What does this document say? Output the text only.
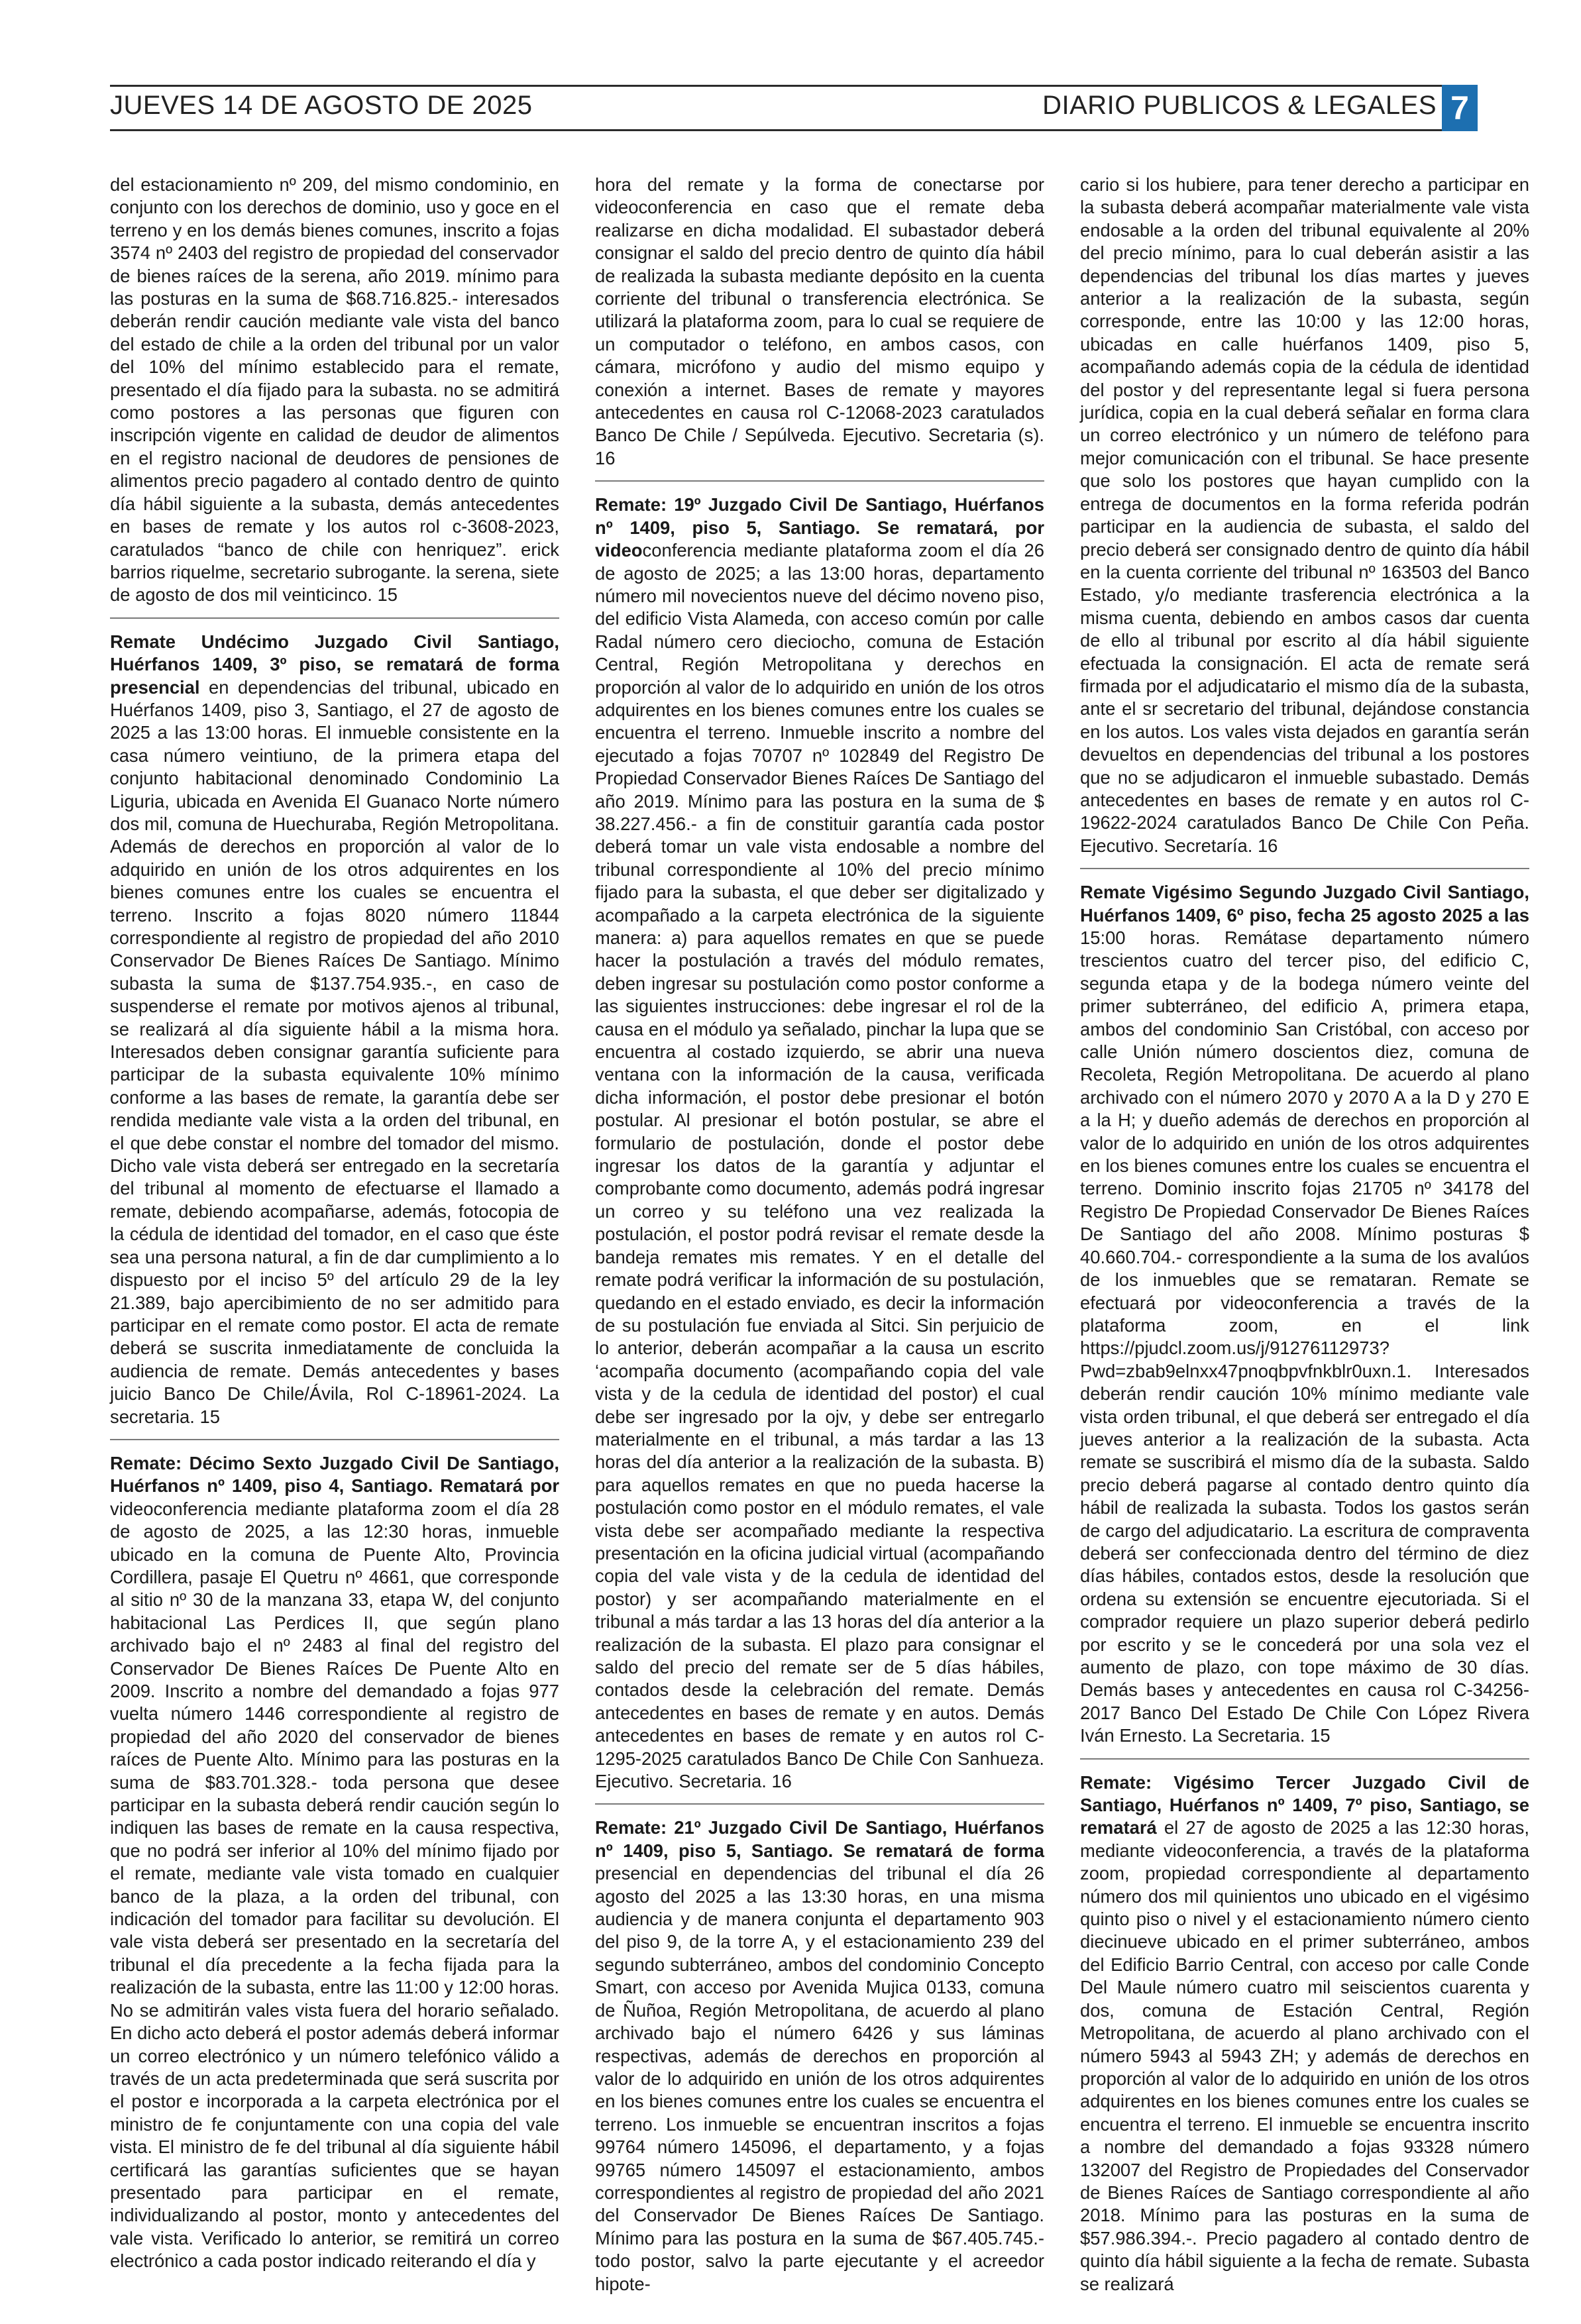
JUEVES 14 DE AGOSTO DE 2025	DIARIO PUBLICOS & LEGALES 7

del estacionamiento nº 209, del mismo condominio, en conjunto con los derechos de dominio, uso y goce en el terreno y en los demás bienes comunes, inscrito a fojas 3574 nº 2403 del registro de propiedad del conservador de bienes raíces de la serena, año 2019. mínimo para las posturas en la suma de $68.716.825.- interesados deberán rendir caución mediante vale vista del banco del estado de chile a la orden del tribunal por un valor del 10% del mínimo establecido para el remate, presentado el día fijado para la subasta. no se admitirá como postores a las personas que figuren con inscripción vigente en calidad de deudor de alimentos en el registro nacional de deudores de pensiones de alimentos precio pagadero al contado dentro de quinto día hábil siguiente a la subasta, demás antecedentes en bases de remate y los autos rol c-3608-2023, caratulados “banco de chile con henriquez”. erick barrios riquelme, secretario subrogante. la serena, siete de agosto de dos mil veinticinco. 15

Remate Undécimo Juzgado Civil Santiago, Huérfanos 1409, 3º piso, se rematará de forma presencial en dependencias del tribunal, ubicado en Huérfanos 1409, piso 3, Santiago, el 27 de agosto de 2025 a las 13:00 horas. El inmueble consistente en la casa número veintiuno, de la primera etapa del conjunto habitacional denominado Condominio La Liguria, ubicada en Avenida El Guanaco Norte número dos mil, comuna de Huechuraba, Región Metropolitana. Además de derechos en proporción al valor de lo adquirido en unión de los otros adquirentes en los bienes comunes entre los cuales se encuentra el terreno. Inscrito a fojas 8020 número 11844 correspondiente al registro de propiedad del año 2010 Conservador De Bienes Raíces De Santiago. Mínimo subasta la suma de $137.754.935.-, en caso de suspenderse el remate por motivos ajenos al tribunal, se realizará al día siguiente hábil a la misma hora. Interesados deben consignar garantía suficiente para participar de la subasta equivalente 10% mínimo conforme a las bases de remate, la garantía debe ser rendida mediante vale vista a la orden del tribunal, en el que debe constar el nombre del tomador del mismo. Dicho vale vista deberá ser entregado en la secretaría del tribunal al momento de efectuarse el llamado a remate, debiendo acompañarse, además, fotocopia de la cédula de identidad del tomador, en el caso que éste sea una persona natural, a fin de dar cumplimiento a lo dispuesto por el inciso 5º del artículo 29 de la ley 21.389, bajo apercibimiento de no ser admitido para participar en el remate como postor. El acta de remate deberá se suscrita inmediatamente de concluida la audiencia de remate. Demás antecedentes y bases juicio Banco De Chile/Ávila, Rol C-18961-2024. La secretaria. 15

Remate: Décimo Sexto Juzgado Civil De Santiago, Huérfanos nº 1409, piso 4, Santiago. Rematará por videoconferencia mediante plataforma zoom el día 28 de agosto de 2025, a las 12:30 horas, inmueble ubicado en la comuna de Puente Alto, Provincia Cordillera, pasaje El Quetru nº 4661, que corresponde al sitio nº 30 de la manzana 33, etapa W, del conjunto habitacional Las Perdices II, que según plano archivado bajo el nº 2483 al final del registro del Conservador De Bienes Raíces De Puente Alto en 2009. Inscrito a nombre del demandado a fojas 977 vuelta número 1446 correspondiente al registro de propiedad del año 2020 del conservador de bienes raíces de Puente Alto. Mínimo para las posturas en la suma de $83.701.328.- toda persona que desee participar en la subasta deberá rendir caución según lo indiquen las bases de remate en la causa respectiva, que no podrá ser inferior al 10% del mínimo fijado por el remate, mediante vale vista tomado en cualquier banco de la plaza, a la orden del tribunal, con indicación del tomador para facilitar su devolución. El vale vista deberá ser presentado en la secretaría del tribunal el día precedente a la fecha fijada para la realización de la subasta, entre las 11:00 y 12:00 horas. No se admitirán vales vista fuera del horario señalado. En dicho acto deberá el postor además deberá informar un correo electrónico y un número telefónico válido a través de un acta predeterminada que será suscrita por el postor e incorporada a la carpeta electrónica por el ministro de fe conjuntamente con una copia del vale vista. El ministro de fe del tribunal al día siguiente hábil certificará las garantías suficientes que se hayan presentado para participar en el remate, individualizando al postor, monto y antecedentes del vale vista. Verificado lo anterior, se remitirá un correo electrónico a cada postor indicado reiterando el día y

hora del remate y la forma de conectarse por videoconferencia en caso que el remate deba realizarse en dicha modalidad. El subastador deberá consignar el saldo del precio dentro de quinto día hábil de realizada la subasta mediante depósito en la cuenta corriente del tribunal o transferencia electrónica. Se utilizará la plataforma zoom, para lo cual se requiere de un computador o teléfono, en ambos casos, con cámara, micrófono y audio del mismo equipo y conexión a internet. Bases de remate y mayores antecedentes en causa rol C-12068-2023 caratulados Banco De Chile / Sepúlveda. Ejecutivo. Secretaria (s). 16

Remate: 19º Juzgado Civil De Santiago, Huérfanos nº 1409, piso 5, Santiago. Se rematará, por videoconferencia mediante plataforma zoom el día 26 de agosto de 2025; a las 13:00 horas, departamento número mil novecientos nueve del décimo noveno piso, del edificio Vista Alameda, con acceso común por calle Radal número cero dieciocho, comuna de Estación Central, Región Metropolitana y derechos en proporción al valor de lo adquirido en unión de los otros adquirentes en los bienes comunes entre los cuales se encuentra el terreno. Inmueble inscrito a nombre del ejecutado a fojas 70707 nº 102849 del Registro De Propiedad Conservador Bienes Raíces De Santiago del año 2019. Mínimo para las postura en la suma de $ 38.227.456.- a fin de constituir garantía cada postor deberá tomar un vale vista endosable a nombre del tribunal correspondiente al 10% del precio mínimo fijado para la subasta, el que deber ser digitalizado y acompañado a la carpeta electrónica de la siguiente manera: a) para aquellos remates en que se puede hacer la postulación a través del módulo remates, deben ingresar su postulación como postor conforme a las siguientes instrucciones: debe ingresar el rol de la causa en el módulo ya señalado, pinchar la lupa que se encuentra al costado izquierdo, se abrir una nueva ventana con la información de la causa, verificada dicha información, el postor debe presionar el botón postular. Al presionar el botón postular, se abre el formulario de postulación, donde el postor debe ingresar los datos de la garantía y adjuntar el comprobante como documento, además podrá ingresar un correo y su teléfono una vez realizada la postulación, el postor podrá revisar el remate desde la bandeja remates mis remates. Y en el detalle del remate podrá verificar la información de su postulación, quedando en el estado enviado, es decir la información de su postulación fue enviada al Sitci. Sin perjuicio de lo anterior, deberán acompañar a la causa un escrito ‘acompaña documento (acompañando copia del vale vista y de la cedula de identidad del postor) el cual debe ser ingresado por la ojv, y debe ser entregarlo materialmente en el tribunal, a más tardar a las 13 horas del día anterior a la realización de la subasta. B) para aquellos remates en que no pueda hacerse la postulación como postor en el módulo remates, el vale vista debe ser acompañado mediante la respectiva presentación en la oficina judicial virtual (acompañando copia del vale vista y de la cedula de identidad del postor) y ser acompañando materialmente en el tribunal a más tardar a las 13 horas del día anterior a la realización de la subasta. El plazo para consignar el saldo del precio del remate ser de 5 días hábiles, contados desde la celebración del remate. Demás antecedentes en bases de remate y en autos. Demás antecedentes en bases de remate y en autos rol C-1295-2025 caratulados Banco De Chile Con Sanhueza. Ejecutivo. Secretaria. 16

Remate: 21º Juzgado Civil De Santiago, Huérfanos nº 1409, piso 5, Santiago. Se rematará de forma presencial en dependencias del tribunal el día 26 agosto del 2025 a las 13:30 horas, en una misma audiencia y de manera conjunta el departamento 903 del piso 9, de la torre A, y el estacionamiento 239 del segundo subterráneo, ambos del condominio Concepto Smart, con acceso por Avenida Mujica 0133, comuna de Ñuñoa, Región Metropolitana, de acuerdo al plano archivado bajo el número 6426 y sus láminas respectivas, además de derechos en proporción al valor de lo adquirido en unión de los otros adquirentes en los bienes comunes entre los cuales se encuentra el terreno. Los inmueble se encuentran inscritos a fojas 99764 número 145096, el departamento, y a fojas 99765 número 145097 el estacionamiento, ambos correspondientes al registro de propiedad del año 2021 del Conservador De Bienes Raíces De Santiago. Mínimo para las postura en la suma de $67.405.745.- todo postor, salvo la parte ejecutante y el acreedor hipote-

cario si los hubiere, para tener derecho a participar en la subasta deberá acompañar materialmente vale vista endosable a la orden del tribunal equivalente al 20% del precio mínimo, para lo cual deberán asistir a las dependencias del tribunal los días martes y jueves anterior a la realización de la subasta, según corresponde, entre las 10:00 y las 12:00 horas, ubicadas en calle huérfanos 1409, piso 5, acompañando además copia de la cédula de identidad del postor y del representante legal si fuera persona jurídica, copia en la cual deberá señalar en forma clara un correo electrónico y un número de teléfono para mejor comunicación con el tribunal. Se hace presente que solo los postores que hayan cumplido con la entrega de documentos en la forma referida podrán participar en la audiencia de subasta, el saldo del precio deberá ser consignado dentro de quinto día hábil en la cuenta corriente del tribunal nº 163503 del Banco Estado, y/o mediante trasferencia electrónica a la misma cuenta, debiendo en ambos casos dar cuenta de ello al tribunal por escrito al día hábil siguiente efectuada la consignación. El acta de remate será firmada por el adjudicatario el mismo día de la subasta, ante el sr secretario del tribunal, dejándose constancia en los autos. Los vales vista dejados en garantía serán devueltos en dependencias del tribunal a los postores que no se adjudicaron el inmueble subastado. Demás antecedentes en bases de remate y en autos rol C-19622-2024 caratulados Banco De Chile Con Peña. Ejecutivo. Secretaría. 16

Remate Vigésimo Segundo Juzgado Civil Santiago, Huérfanos 1409, 6º piso, fecha 25 agosto 2025 a las 15:00 horas. Remátase departamento número trescientos cuatro del tercer piso, del edificio C, segunda etapa y de la bodega número veinte del primer subterráneo, del edificio A, primera etapa, ambos del condominio San Cristóbal, con acceso por calle Unión número doscientos diez, comuna de Recoleta, Región Metropolitana. De acuerdo al plano archivado con el número 2070 y 2070 A a la D y 270 E a la H; y dueño además de derechos en proporción al valor de lo adquirido en unión de los otros adquirentes en los bienes comunes entre los cuales se encuentra el terreno. Dominio inscrito fojas 21705 nº 34178 del Registro De Propiedad Conservador De Bienes Raíces De Santiago del año 2008. Mínimo posturas $ 40.660.704.- correspondiente a la suma de los avalúos de los inmuebles que se remataran. Remate se efectuará por videoconferencia a través de la plataforma zoom, en el link https://pjudcl.zoom.us/j/91276112973?Pwd=zbab9elnxx47pnoqbpvfnkblr0uxn.1. Interesados deberán rendir caución 10% mínimo mediante vale vista orden tribunal, el que deberá ser entregado el día jueves anterior a la realización de la subasta. Acta remate se suscribirá el mismo día de la subasta. Saldo precio deberá pagarse al contado dentro quinto día hábil de realizada la subasta. Todos los gastos serán de cargo del adjudicatario. La escritura de compraventa deberá ser confeccionada dentro del término de diez días hábiles, contados estos, desde la resolución que ordena su extensión se encuentre ejecutoriada. Si el comprador requiere un plazo superior deberá pedirlo por escrito y se le concederá por una sola vez el aumento de plazo, con tope máximo de 30 días. Demás bases y antecedentes en causa rol C-34256-2017 Banco Del Estado De Chile Con López Rivera Iván Ernesto. La Secretaria. 15

Remate: Vigésimo Tercer Juzgado Civil de Santiago, Huérfanos nº 1409, 7º piso, Santiago, se rematará el 27 de agosto de 2025 a las 12:30 horas, mediante videoconferencia, a través de la plataforma zoom, propiedad correspondiente al departamento número dos mil quinientos uno ubicado en el vigésimo quinto piso o nivel y el estacionamiento número ciento diecinueve ubicado en el primer subterráneo, ambos del Edificio Barrio Central, con acceso por calle Conde Del Maule número cuatro mil seiscientos cuarenta y dos, comuna de Estación Central, Región Metropolitana, de acuerdo al plano archivado con el número 5943 al 5943 ZH; y además de derechos en proporción al valor de lo adquirido en unión de los otros adquirentes en los bienes comunes entre los cuales se encuentra el terreno. El inmueble se encuentra inscrito a nombre del demandado a fojas 93328 número 132007 del Registro de Propiedades del Conservador de Bienes Raíces de Santiago correspondiente al año 2018. Mínimo para las posturas en la suma de $57.986.394.-. Precio pagadero al contado dentro de quinto día hábil siguiente a la fecha de remate. Subasta se realizará
